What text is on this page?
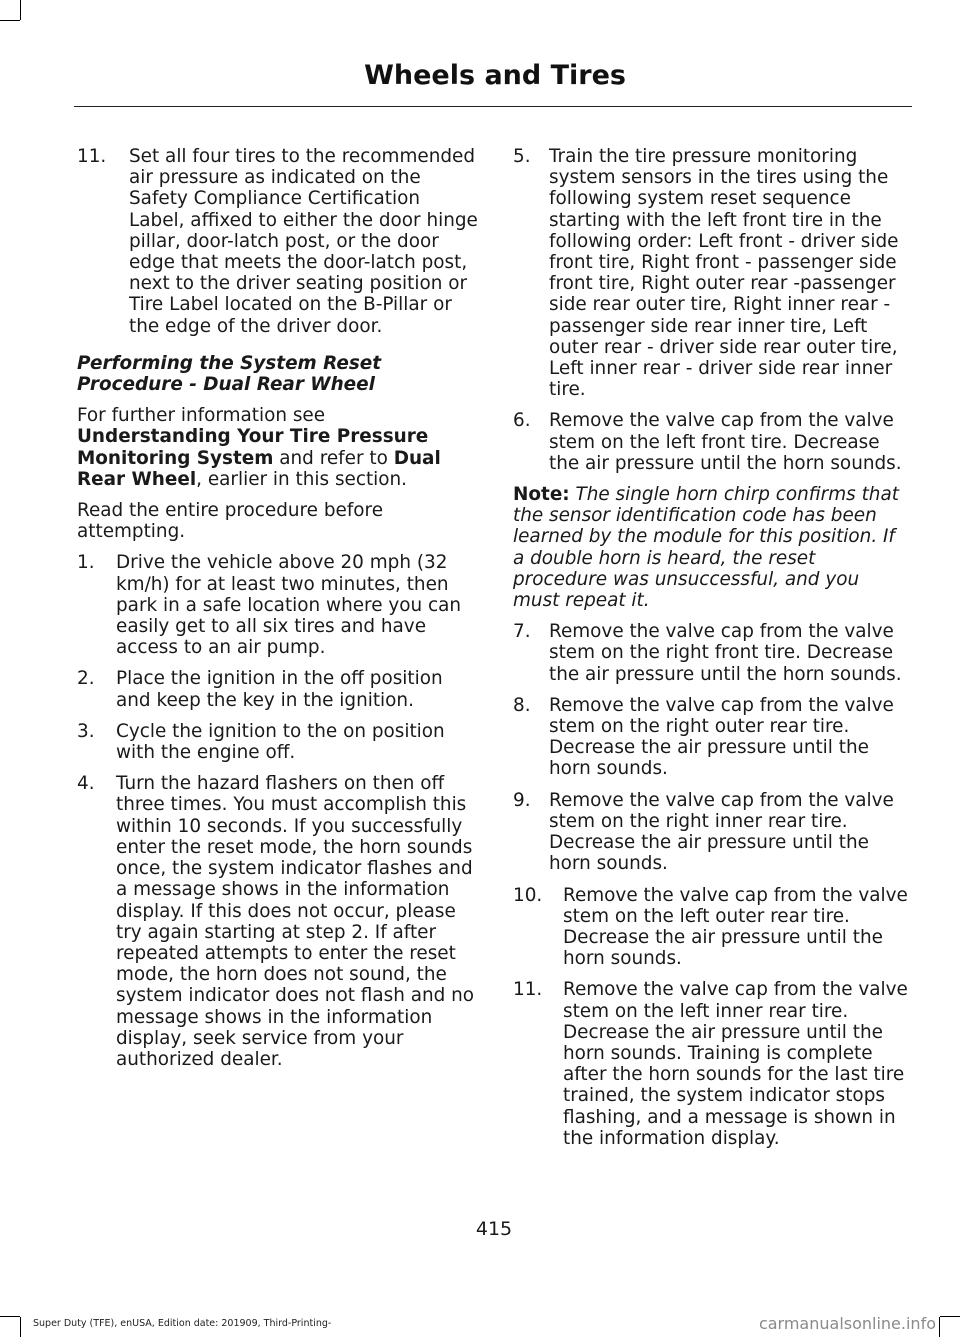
Wheels and Tires
11. Set all four tires to the recommended air pressure as indicated on the Safety Compliance Certification Label, affixed to either the door hinge pillar, door-latch post, or the door edge that meets the door-latch post, next to the driver seating position or Tire Label located on the B-Pillar or the edge of the driver door.
Performing the System Reset Procedure - Dual Rear Wheel
For further information see Understanding Your Tire Pressure Monitoring System and refer to Dual Rear Wheel, earlier in this section.
Read the entire procedure before attempting.
1. Drive the vehicle above 20 mph (32 km/h) for at least two minutes, then park in a safe location where you can easily get to all six tires and have access to an air pump.
2. Place the ignition in the off position and keep the key in the ignition.
3. Cycle the ignition to the on position with the engine off.
4. Turn the hazard flashers on then off three times. You must accomplish this within 10 seconds. If you successfully enter the reset mode, the horn sounds once, the system indicator flashes and a message shows in the information display. If this does not occur, please try again starting at step 2. If after repeated attempts to enter the reset mode, the horn does not sound, the system indicator does not flash and no message shows in the information display, seek service from your authorized dealer.
5. Train the tire pressure monitoring system sensors in the tires using the following system reset sequence starting with the left front tire in the following order: Left front - driver side front tire, Right front - passenger side front tire, Right outer rear -passenger side rear outer tire, Right inner rear - passenger side rear inner tire, Left outer rear - driver side rear outer tire, Left inner rear - driver side rear inner tire.
6. Remove the valve cap from the valve stem on the left front tire. Decrease the air pressure until the horn sounds.
Note: The single horn chirp confirms that the sensor identification code has been learned by the module for this position. If a double horn is heard, the reset procedure was unsuccessful, and you must repeat it.
7. Remove the valve cap from the valve stem on the right front tire. Decrease the air pressure until the horn sounds.
8. Remove the valve cap from the valve stem on the right outer rear tire. Decrease the air pressure until the horn sounds.
9. Remove the valve cap from the valve stem on the right inner rear tire. Decrease the air pressure until the horn sounds.
10. Remove the valve cap from the valve stem on the left outer rear tire. Decrease the air pressure until the horn sounds.
11. Remove the valve cap from the valve stem on the left inner rear tire. Decrease the air pressure until the horn sounds. Training is complete after the horn sounds for the last tire trained, the system indicator stops flashing, and a message is shown in the information display.
415
Super Duty (TFE), enUSA, Edition date: 201909, Third-Printing-	carmanualsonline.info
